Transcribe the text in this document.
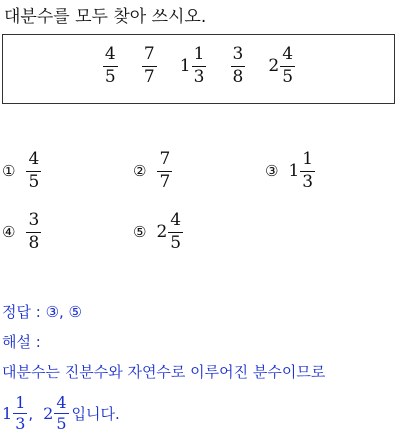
대분수를 모두 찾아 쓰시오.
$\frac{4}{5}$
$\frac{7}{7}$
$1 \frac{1}{3}$
$\frac{3}{8}$
$2 \frac{4}{5}$
① $\frac{4}{5}$	② $\frac{7}{7}$	③ $1 \frac{1}{3}$
④ $\frac{3}{8}$	⑤ $2 \frac{4}{5}$
정답 : ③, ⑤
해설 :
대분수는 진분수와 자연수로 이루어진 분수이므로
$1 \frac{1}{3}$ , $2 \frac{4}{5}$ 입니다.
